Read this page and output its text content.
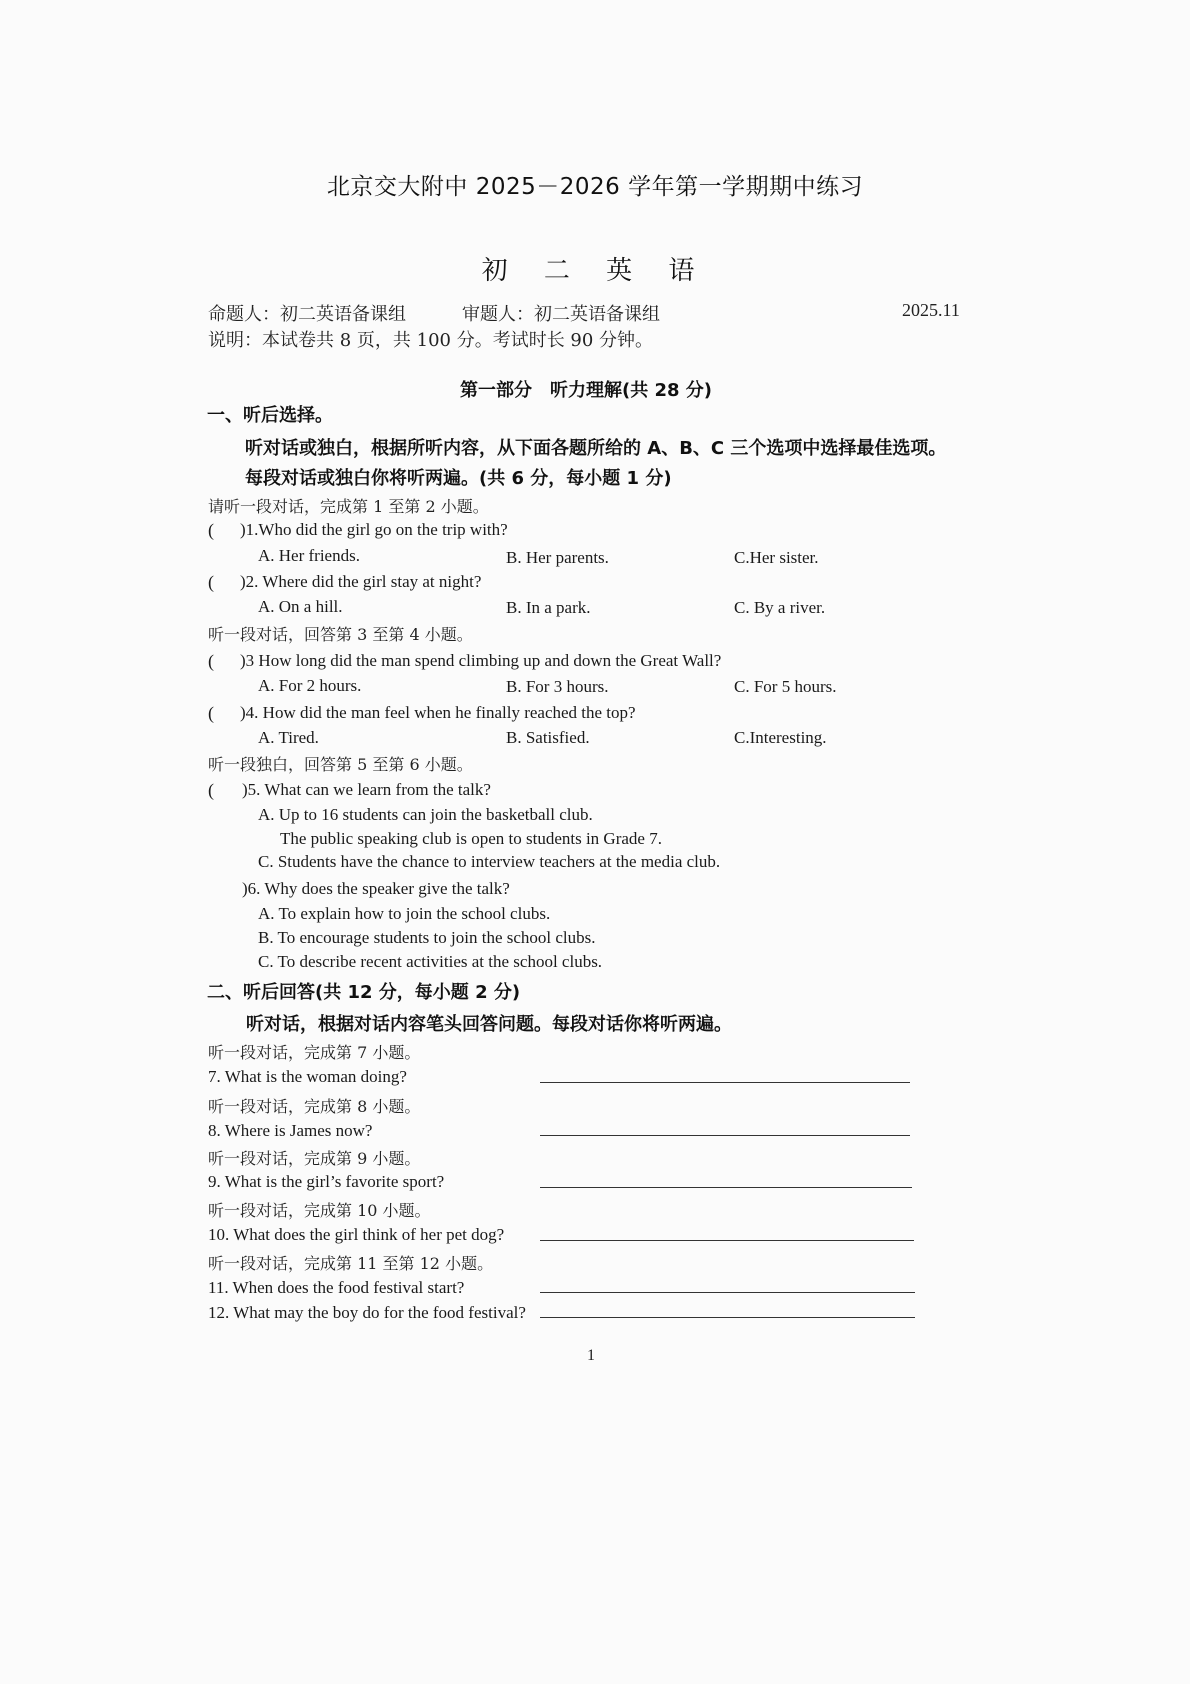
北京交大附中 2025－2026 学年第一学期期中练习
初 二 英 语
命题人：初二英语备课组	审题人：初二英语备课组	2025.11
说明：本试卷共 8 页，共 100 分。考试时长 90 分钟。
第一部分　听力理解(共 28 分)
一、听后选择。
听对话或独白，根据所听内容，从下面各题所给的 A、B、C 三个选项中选择最佳选项。
每段对话或独白你将听两遍。(共 6 分，每小题 1 分)
请听一段对话，完成第 1 至第 2 小题。
( )1.Who did the girl go on the trip with?
A. Her friends.	B. Her parents.	C.Her sister.
( )2. Where did the girl stay at night?
A. On a hill.	B. In a park.	C. By a river.
听一段对话，回答第 3 至第 4 小题。
( )3 How long did the man spend climbing up and down the Great Wall?
A. For 2 hours.	B. For 3 hours.	C. For 5 hours.
( )4. How did the man feel when he finally reached the top?
A. Tired.	B. Satisfied.	C.Interesting.
听一段独白，回答第 5 至第 6 小题。
( )5. What can we learn from the talk?
A. Up to 16 students can join the basketball club.
The public speaking club is open to students in Grade 7.
C. Students have the chance to interview teachers at the media club.
)6. Why does the speaker give the talk?
A. To explain how to join the school clubs.
B. To encourage students to join the school clubs.
C. To describe recent activities at the school clubs.
二、听后回答(共 12 分，每小题 2 分)
听对话，根据对话内容笔头回答问题。每段对话你将听两遍。
听一段对话，完成第 7 小题。
7. What is the woman doing?
听一段对话，完成第 8 小题。
8. Where is James now?
听一段对话，完成第 9 小题。
9. What is the girl’s favorite sport?
听一段对话，完成第 10 小题。
10. What does the girl think of her pet dog?
听一段对话，完成第 11 至第 12 小题。
11. When does the food festival start?
12. What may the boy do for the food festival?
1
